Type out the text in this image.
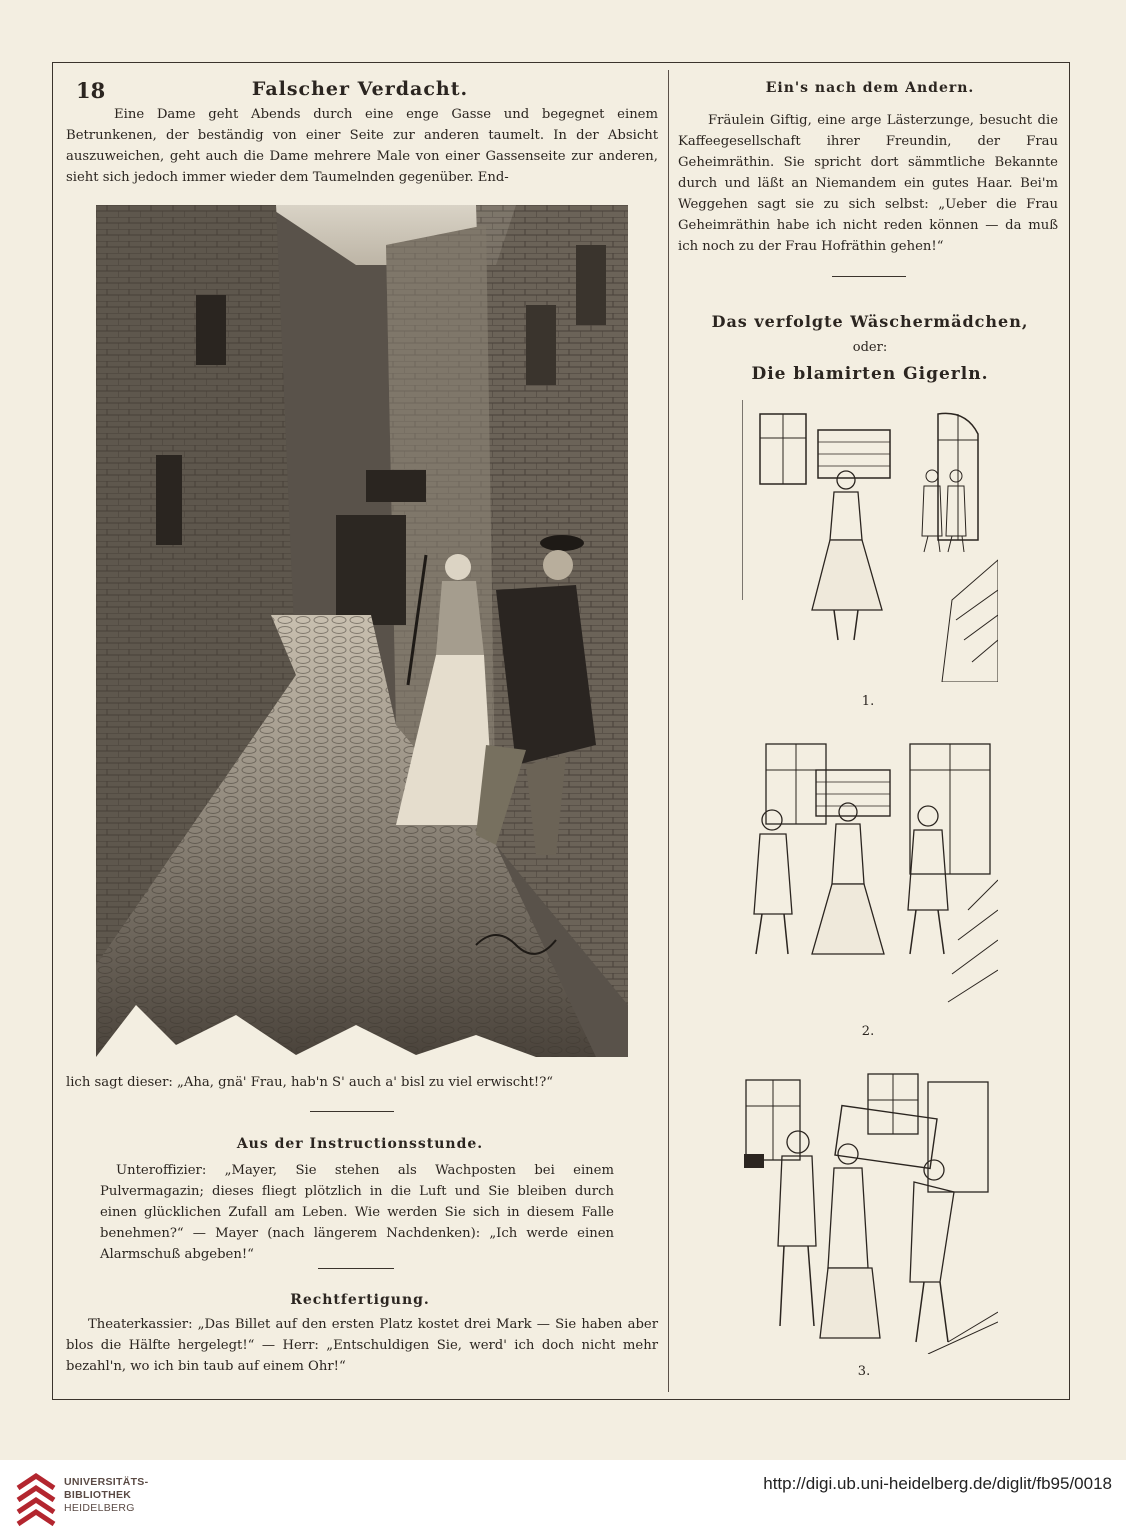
18	Falscher Verdacht.
Eine Dame geht Abends durch eine enge Gasse und begegnet einem Betrunkenen, der beständig von einer Seite zur anderen taumelt. In der Absicht auszuweichen, geht auch die Dame mehrere Male von einer Gassenseite zur anderen, sieht sich jedoch immer wieder dem Taumelnden gegenüber. End-
lich sagt dieser: „Aha, gnä' Frau, hab'n S' auch a' bisl zu viel erwischt!?“
Aus der Instructionsstunde.
Unteroffizier: „Mayer, Sie stehen als Wachposten bei einem Pulvermagazin; dieses fliegt plötzlich in die Luft und Sie bleiben durch einen glücklichen Zufall am Leben. Wie werden Sie sich in diesem Falle benehmen?“ — Mayer (nach längerem Nachdenken): „Ich werde einen Alarmschuß abgeben!“
Rechtfertigung.
Theaterkassier: „Das Billet auf den ersten Platz kostet drei Mark — Sie haben aber blos die Hälfte hergelegt!“ — Herr: „Entschuldigen Sie, werd' ich doch nicht mehr bezahl'n, wo ich bin taub auf einem Ohr!“
Ein's nach dem Andern.
Fräulein Giftig, eine arge Lästerzunge, besucht die Kaffeegesellschaft ihrer Freundin, der Frau Geheimräthin. Sie spricht dort sämmtliche Bekannte durch und läßt an Niemandem ein gutes Haar. Bei'm Weggehen sagt sie zu sich selbst: „Ueber die Frau Geheimräthin habe ich nicht reden können — da muß ich noch zu der Frau Hofräthin gehen!“
Das verfolgte Wäschermädchen,
oder:
Die blamirten Gigerln.
1.
2.
3.
UNIVERSITÄTS-
BIBLIOTHEK
HEIDELBERG
http://digi.ub.uni-heidelberg.de/diglit/fb95/0018
